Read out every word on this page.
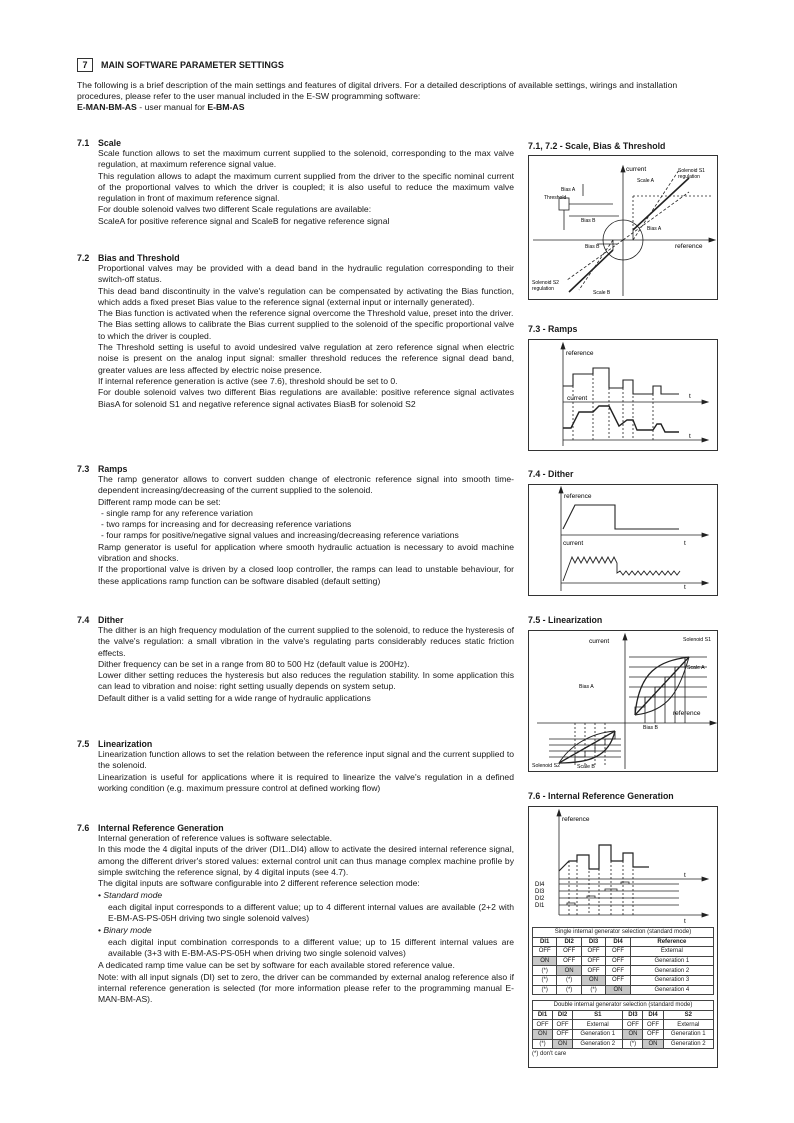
7	MAIN SOFTWARE PARAMETER SETTINGS

The following is a brief description of the main settings and features of digital drivers. For a detailed descriptions of available settings, wirings and installation procedures, please refer to the user manual included in the E-SW programming software:

E-MAN-BM-AS - user manual for E-BM-AS

7.1 Scale

Scale function allows to set the maximum current supplied to the solenoid, corresponding to the max valve regulation, at maximum reference signal value.

This regulation allows to adapt the maximum current supplied from the driver to the specific nominal current of the proportional valves to which the driver is coupled; it is also useful to reduce the maximum valve regulation in front of maximum reference signal.

For double solenoid valves two different Scale regulations are available:

ScaleA for positive reference signal and ScaleB for negative reference signal

7.2 Bias and Threshold

Proportional valves may be provided with a dead band in the hydraulic regulation corresponding to their switch-off status.

This dead band discontinuity in the valve's regulation can be compensated by activating the Bias function, which adds a fixed preset Bias value to the reference signal (external input or internally generated).

The Bias function is activated when the reference signal overcome the Threshold value, preset into the driver.

The Bias setting allows to calibrate the Bias current supplied to the solenoid of the specific proportional valve to which the driver is coupled.

The Threshold setting is useful to avoid undesired valve regulation at zero reference signal when electric noise is present on the analog input signal: smaller threshold reduces the reference signal dead band, greater values are less affected by electric noise presence.

If internal reference generation is active (see 7.6), threshold should be set to 0.

For double solenoid valves two different Bias regulations are available: positive reference signal activates BiasA for solenoid S1 and negative reference signal activates BiasB for solenoid S2

7.3 Ramps

The ramp generator allows to convert sudden change of electronic reference signal into smooth time-dependent increasing/decreasing of the current supplied to the solenoid.

Different ramp mode can be set:

- single ramp for any reference variation

- two ramps for increasing and for decreasing reference variations

- four ramps for positive/negative signal values and increasing/decreasing reference variations

Ramp generator is useful for application where smooth hydraulic actuation is necessary to avoid machine vibration and shocks.

If the proportional valve is driven by a closed loop controller, the ramps can lead to unstable behaviour, for these applications ramp function can be software disabled (default setting)

7.4 Dither

The dither is an high frequency modulation of the current supplied to the solenoid, to reduce the hysteresis of the valve's regulation: a small vibration in the valve's regulating parts considerably reduces static friction effects.

Dither frequency can be set in a range from 80 to 500 Hz (default value is 200Hz).

Lower dither setting reduces the hysteresis but also reduces the regulation stability. In some application this can lead to vibration and noise: right setting usually depends on system setup.

Default dither is a valid setting for a wide range of hydraulic applications

7.5 Linearization

Linearization function allows to set the relation between the reference input signal and the current supplied to the solenoid.

Linearization is useful for applications where it is required to linearize the valve's regulation in a defined working condition (e.g. maximum pressure control at defined working flow)

7.6 Internal Reference Generation

Internal generation of reference values is software selectable.

In this mode the 4 digital inputs of the driver (DI1..DI4) allow to activate the desired internal reference signal, among the different driver's stored values: external control unit can thus manage complex machine profile by simple switching the reference signal, by 4 digital inputs (see 4.7).

The digital inputs are software configurable into 2 different reference selection mode:

• Standard mode

each digital input corresponds to a different value; up to 4 different internal values are available (2+2 with E-BM-AS-PS-05H driving two single solenoid valves)

• Binary mode

each digital input combination corresponds to a different value; up to 15 different internal values are available (3+3 with E-BM-AS-PS-05H when driving two single solenoid valves)

A dedicated ramp time value can be set by software for each available stored reference value.

Note: with all input signals (DI) set to zero, the driver can be commanded by external analog reference also if internal reference generation is selected (for more information please refer to the programming manual E-MAN-BM-AS).

7.1, 7.2 - Scale, Bias & Threshold
current	Solenoid S1
regulation
Scale A
Bias A
Threshold
Bias B
Bias A
Bias B	reference
Solenoid S2
regulation
Scale B
7.3 - Ramps
reference
current	t
t
7.4 - Dither
reference
current	t
t
7.5 - Linearization
current	Solenoid S1
Scale A
Bias A
reference
Bias B
Solenoid S2	Scale B
7.6 - Internal Reference Generation
reference
t
t
DI4
DI3
DI2
DI1
Single internal generator selection (standard mode)				
DI1	DI2	DI3	DI4	Reference
OFF	OFF	OFF	OFF	External
ON	OFF	OFF	OFF	Generation 1
(*)	ON	OFF	OFF	Generation 2
(*)	(*)	ON	OFF	Generation 3
(*)	(*)	(*)	ON	Generation 4
Double internal generator selection (standard mode)					
DI1	DI2	S1	DI3	DI4	S2
OFF	OFF	External	OFF	OFF	External
ON	OFF	Generation 1	ON	OFF	Generation 1
(*)	ON	Generation 2	(*)	ON	Generation 2
(*) don't care
